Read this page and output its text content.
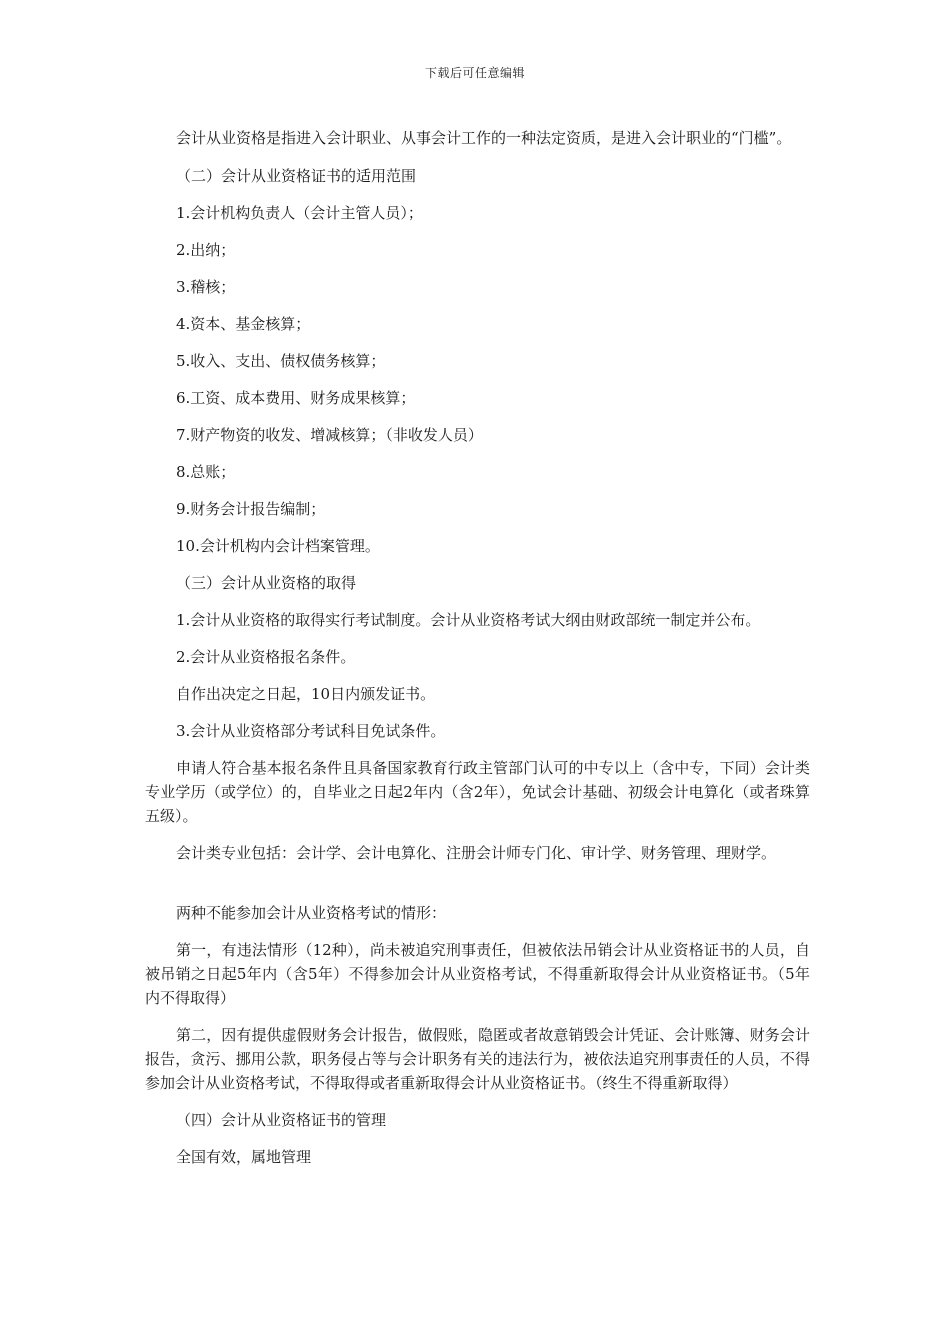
下载后可任意编辑

会计从业资格是指进入会计职业、从事会计工作的一种法定资质，是进入会计职业的“门槛”。

（二）会计从业资格证书的适用范围

1.会计机构负责人（会计主管人员）；

2.出纳；

3.稽核；

4.资本、基金核算；

5.收入、支出、债权债务核算；

6.工资、成本费用、财务成果核算；

7.财产物资的收发、增减核算；（非收发人员）

8.总账；

9.财务会计报告编制；

10.会计机构内会计档案管理。

（三）会计从业资格的取得

1.会计从业资格的取得实行考试制度。会计从业资格考试大纲由财政部统一制定并公布。

2.会计从业资格报名条件。

自作出决定之日起，10日内颁发证书。

3.会计从业资格部分考试科目免试条件。

申请人符合基本报名条件且具备国家教育行政主管部门认可的中专以上（含中专，下同）会计类专业学历（或学位）的，自毕业之日起2年内（含2年），免试会计基础、初级会计电算化（或者珠算五级）。

会计类专业包括：会计学、会计电算化、注册会计师专门化、审计学、财务管理、理财学。

两种不能参加会计从业资格考试的情形：

第一，有违法情形（12种），尚未被追究刑事责任，但被依法吊销会计从业资格证书的人员，自被吊销之日起5年内（含5年）不得参加会计从业资格考试，不得重新取得会计从业资格证书。（5年内不得取得）

第二，因有提供虚假财务会计报告，做假账，隐匿或者故意销毁会计凭证、会计账簿、财务会计报告，贪污、挪用公款，职务侵占等与会计职务有关的违法行为，被依法追究刑事责任的人员，不得参加会计从业资格考试，不得取得或者重新取得会计从业资格证书。（终生不得重新取得）

（四）会计从业资格证书的管理

全国有效，属地管理
